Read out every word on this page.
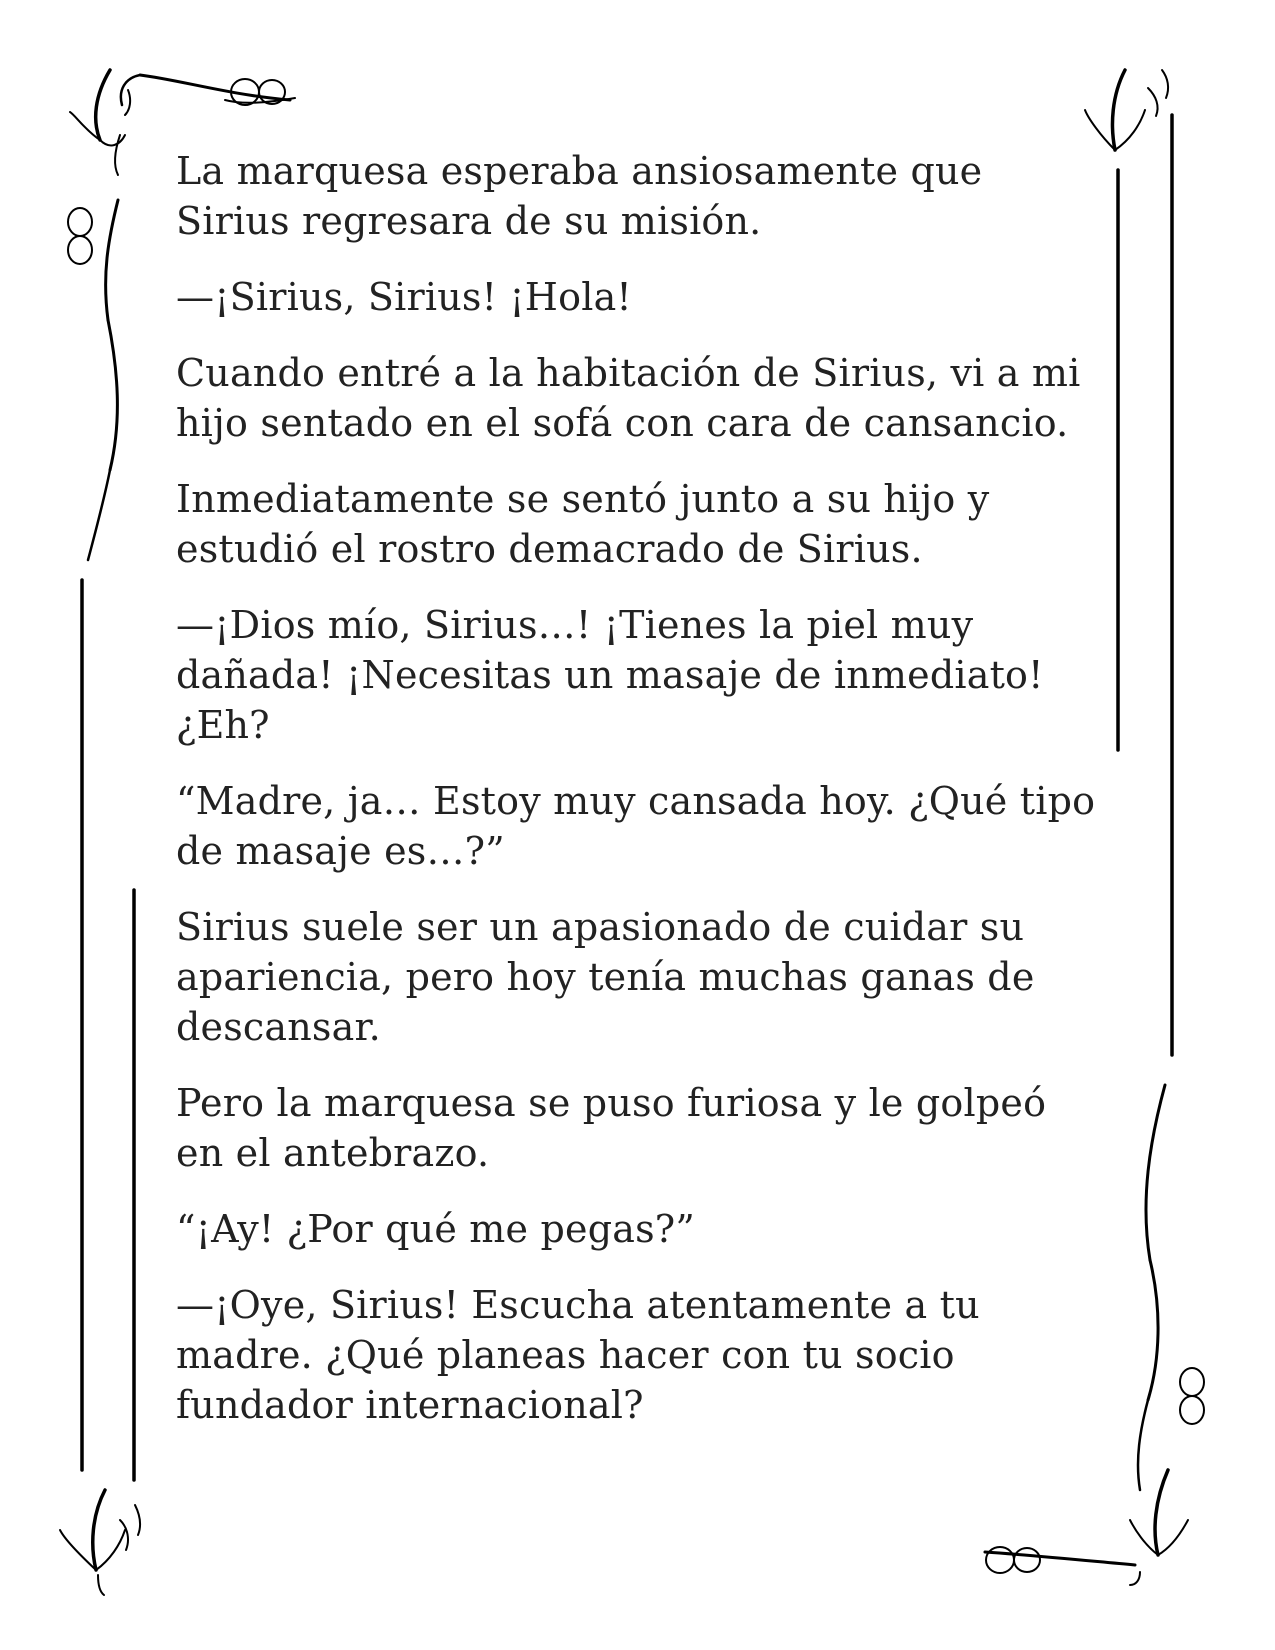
La marquesa esperaba ansiosamente que Sirius regresara de su misión.

—¡Sirius, Sirius! ¡Hola!

Cuando entré a la habitación de Sirius, vi a mi hijo sentado en el sofá con cara de cansancio.

Inmediatamente se sentó junto a su hijo y estudió el rostro demacrado de Sirius.

—¡Dios mío, Sirius…! ¡Tienes la piel muy dañada! ¡Necesitas un masaje de inmediato! ¿Eh?

“Madre, ja… Estoy muy cansada hoy. ¿Qué tipo de masaje es…?”

Sirius suele ser un apasionado de cuidar su apariencia, pero hoy tenía muchas ganas de descansar.

Pero la marquesa se puso furiosa y le golpeó en el antebrazo.

“¡Ay! ¿Por qué me pegas?”

—¡Oye, Sirius! Escucha atentamente a tu madre. ¿Qué planeas hacer con tu socio fundador internacional?
